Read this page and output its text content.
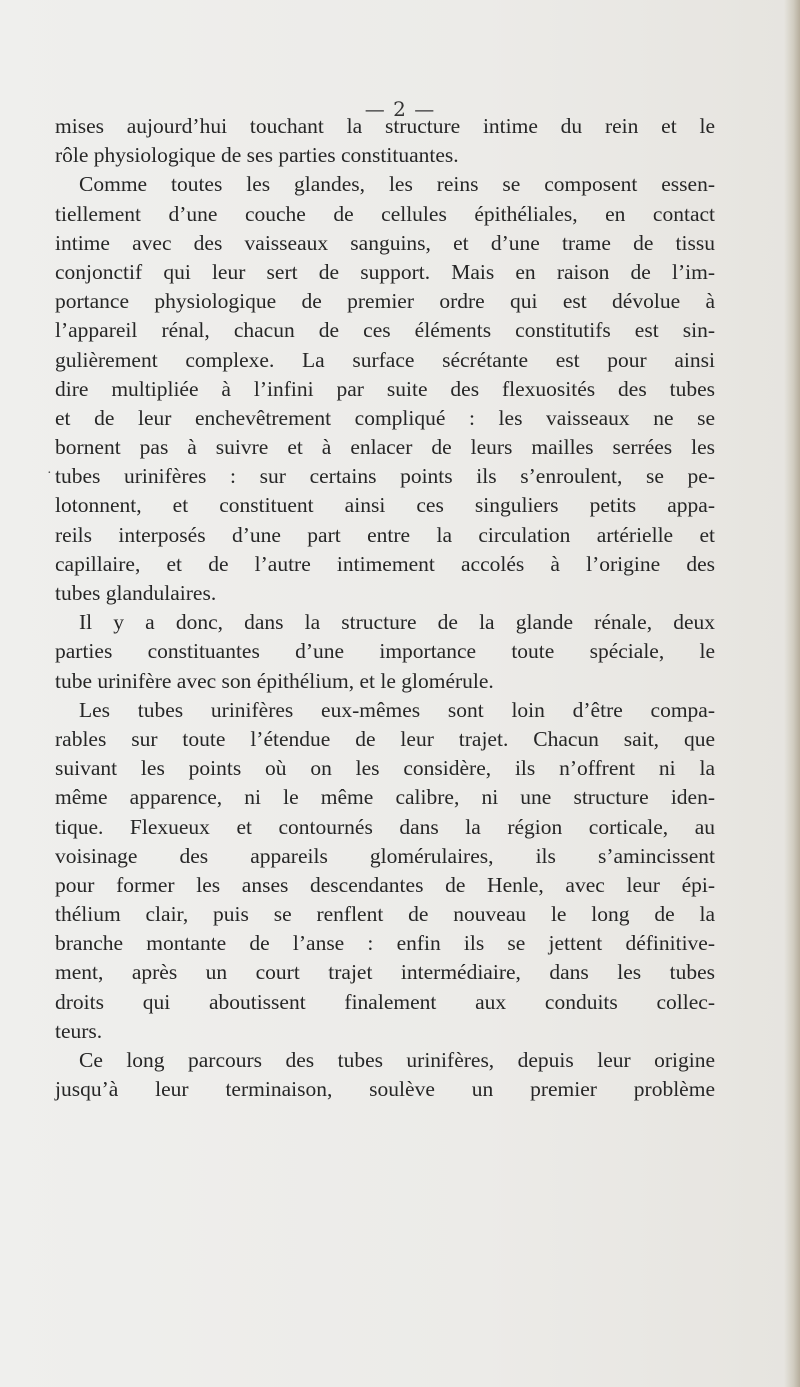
— 2 —
·
mises aujourd’hui touchant la structure intime du rein et le
rôle physiologique de ses parties constituantes.
Comme toutes les glandes, les reins se composent essen-
tiellement d’une couche de cellules épithéliales, en contact
intime avec des vaisseaux sanguins, et d’une trame de tissu
conjonctif qui leur sert de support. Mais en raison de l’im-
portance physiologique de premier ordre qui est dévolue à
l’appareil rénal, chacun de ces éléments constitutifs est sin-
gulièrement complexe. La surface sécrétante est pour ainsi
dire multipliée à l’infini par suite des flexuosités des tubes
et de leur enchevêtrement compliqué : les vaisseaux ne se
bornent pas à suivre et à enlacer de leurs mailles serrées les
tubes urinifères : sur certains points ils s’enroulent, se pe-
lotonnent, et constituent ainsi ces singuliers petits appa-
reils interposés d’une part entre la circulation artérielle et
capillaire, et de l’autre intimement accolés à l’origine des
tubes glandulaires.
Il y a donc, dans la structure de la glande rénale, deux
parties constituantes d’une importance toute spéciale, le
tube urinifère avec son épithélium, et le glomérule.
Les tubes urinifères eux-mêmes sont loin d’être compa-
rables sur toute l’étendue de leur trajet. Chacun sait, que
suivant les points où on les considère, ils n’offrent ni la
même apparence, ni le même calibre, ni une structure iden-
tique. Flexueux et contournés dans la région corticale, au
voisinage des appareils glomérulaires, ils s’amincissent
pour former les anses descendantes de Henle, avec leur épi-
thélium clair, puis se renflent de nouveau le long de la
branche montante de l’anse : enfin ils se jettent définitive-
ment, après un court trajet intermédiaire, dans les tubes
droits qui aboutissent finalement aux conduits collec-
teurs.
Ce long parcours des tubes urinifères, depuis leur origine
jusqu’à leur terminaison, soulève un premier problème
